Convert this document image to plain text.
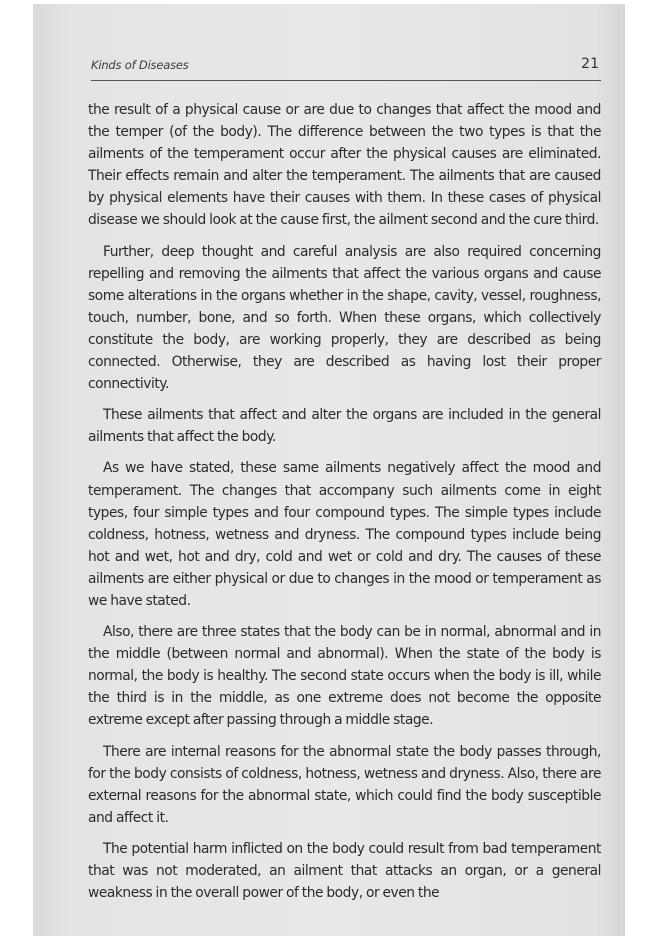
Kinds of Diseases	21

the result of a physical cause or are due to changes that affect the mood and the temper (of the body). The difference between the two types is that the ailments of the temperament occur after the physical causes are eliminated. Their effects remain and alter the temperament. The ailments that are caused by physical elements have their causes with them. In these cases of physical disease we should look at the cause first, the ailment second and the cure third.

Further, deep thought and careful analysis are also required concerning repelling and removing the ailments that affect the various organs and cause some alterations in the organs whether in the shape, cavity, vessel, roughness, touch, number, bone, and so forth. When these organs, which collectively constitute the body, are working properly, they are described as being connected. Otherwise, they are described as having lost their proper connectivity.

These ailments that affect and alter the organs are included in the general ailments that affect the body.

As we have stated, these same ailments negatively affect the mood and temperament. The changes that accompany such ailments come in eight types, four simple types and four compound types. The simple types include coldness, hotness, wetness and dryness. The compound types include being hot and wet, hot and dry, cold and wet or cold and dry. The causes of these ailments are either physical or due to changes in the mood or temperament as we have stated.

Also, there are three states that the body can be in normal, abnormal and in the middle (between normal and abnormal). When the state of the body is normal, the body is healthy. The second state occurs when the body is ill, while the third is in the middle, as one extreme does not become the opposite extreme except after passing through a middle stage.

There are internal reasons for the abnormal state the body passes through, for the body consists of coldness, hotness, wetness and dryness. Also, there are external reasons for the abnormal state, which could find the body susceptible and affect it.

The potential harm inflicted on the body could result from bad temperament that was not moderated, an ailment that attacks an organ, or a general weakness in the overall power of the body, or even the
